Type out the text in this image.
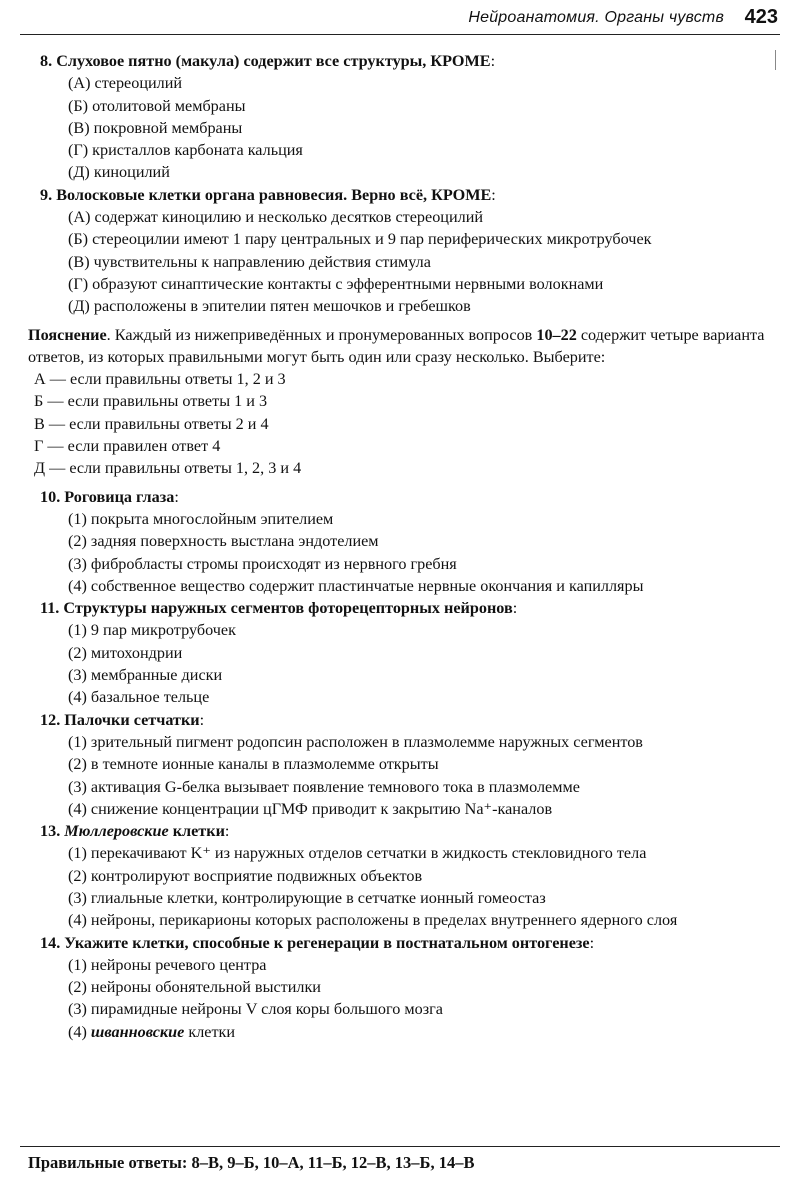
Нейроанатомия. Органы чувств 423
8. Слуховое пятно (макула) содержит все структуры, КРОМЕ:
(А) стереоцилий
(Б) отолитовой мембраны
(В) покровной мембраны
(Г) кристаллов карбоната кальция
(Д) киноцилий
9. Волосковые клетки органа равновесия. Верно всё, КРОМЕ:
(А) содержат киноцилию и несколько десятков стереоцилий
(Б) стереоцилии имеют 1 пару центральных и 9 пар периферических микротрубочек
(В) чувствительны к направлению действия стимула
(Г) образуют синаптические контакты с эфферентными нервными волокнами
(Д) расположены в эпителии пятен мешочков и гребешков
Пояснение. Каждый из нижеприведённых и пронумерованных вопросов 10–22 содержит четыре варианта ответов, из которых правильными могут быть один или сразу несколько. Выберите:
А — если правильны ответы 1, 2 и 3
Б — если правильны ответы 1 и 3
В — если правильны ответы 2 и 4
Г — если правилен ответ 4
Д — если правильны ответы 1, 2, 3 и 4
10. Роговица глаза:
(1) покрыта многослойным эпителием
(2) задняя поверхность выстлана эндотелием
(3) фибробласты стромы происходят из нервного гребня
(4) собственное вещество содержит пластинчатые нервные окончания и капилляры
11. Структуры наружных сегментов фоторецепторных нейронов:
(1) 9 пар микротрубочек
(2) митохондрии
(3) мембранные диски
(4) базальное тельце
12. Палочки сетчатки:
(1) зрительный пигмент родопсин расположен в плазмолемме наружных сегментов
(2) в темноте ионные каналы в плазмолемме открыты
(3) активация G-белка вызывает появление темнового тока в плазмолемме
(4) снижение концентрации цГМФ приводит к закрытию Na⁺-каналов
13. Мюллеровские клетки:
(1) перекачивают K⁺ из наружных отделов сетчатки в жидкость стекловидного тела
(2) контролируют восприятие подвижных объектов
(3) глиальные клетки, контролирующие в сетчатке ионный гомеостаз
(4) нейроны, перикарионы которых расположены в пределах внутреннего ядерного слоя
14. Укажите клетки, способные к регенерации в постнатальном онтогенезе:
(1) нейроны речевого центра
(2) нейроны обонятельной выстилки
(3) пирамидные нейроны V слоя коры большого мозга
(4) шванновские клетки
Правильные ответы: 8–В, 9–Б, 10–А, 11–Б, 12–В, 13–Б, 14–В
